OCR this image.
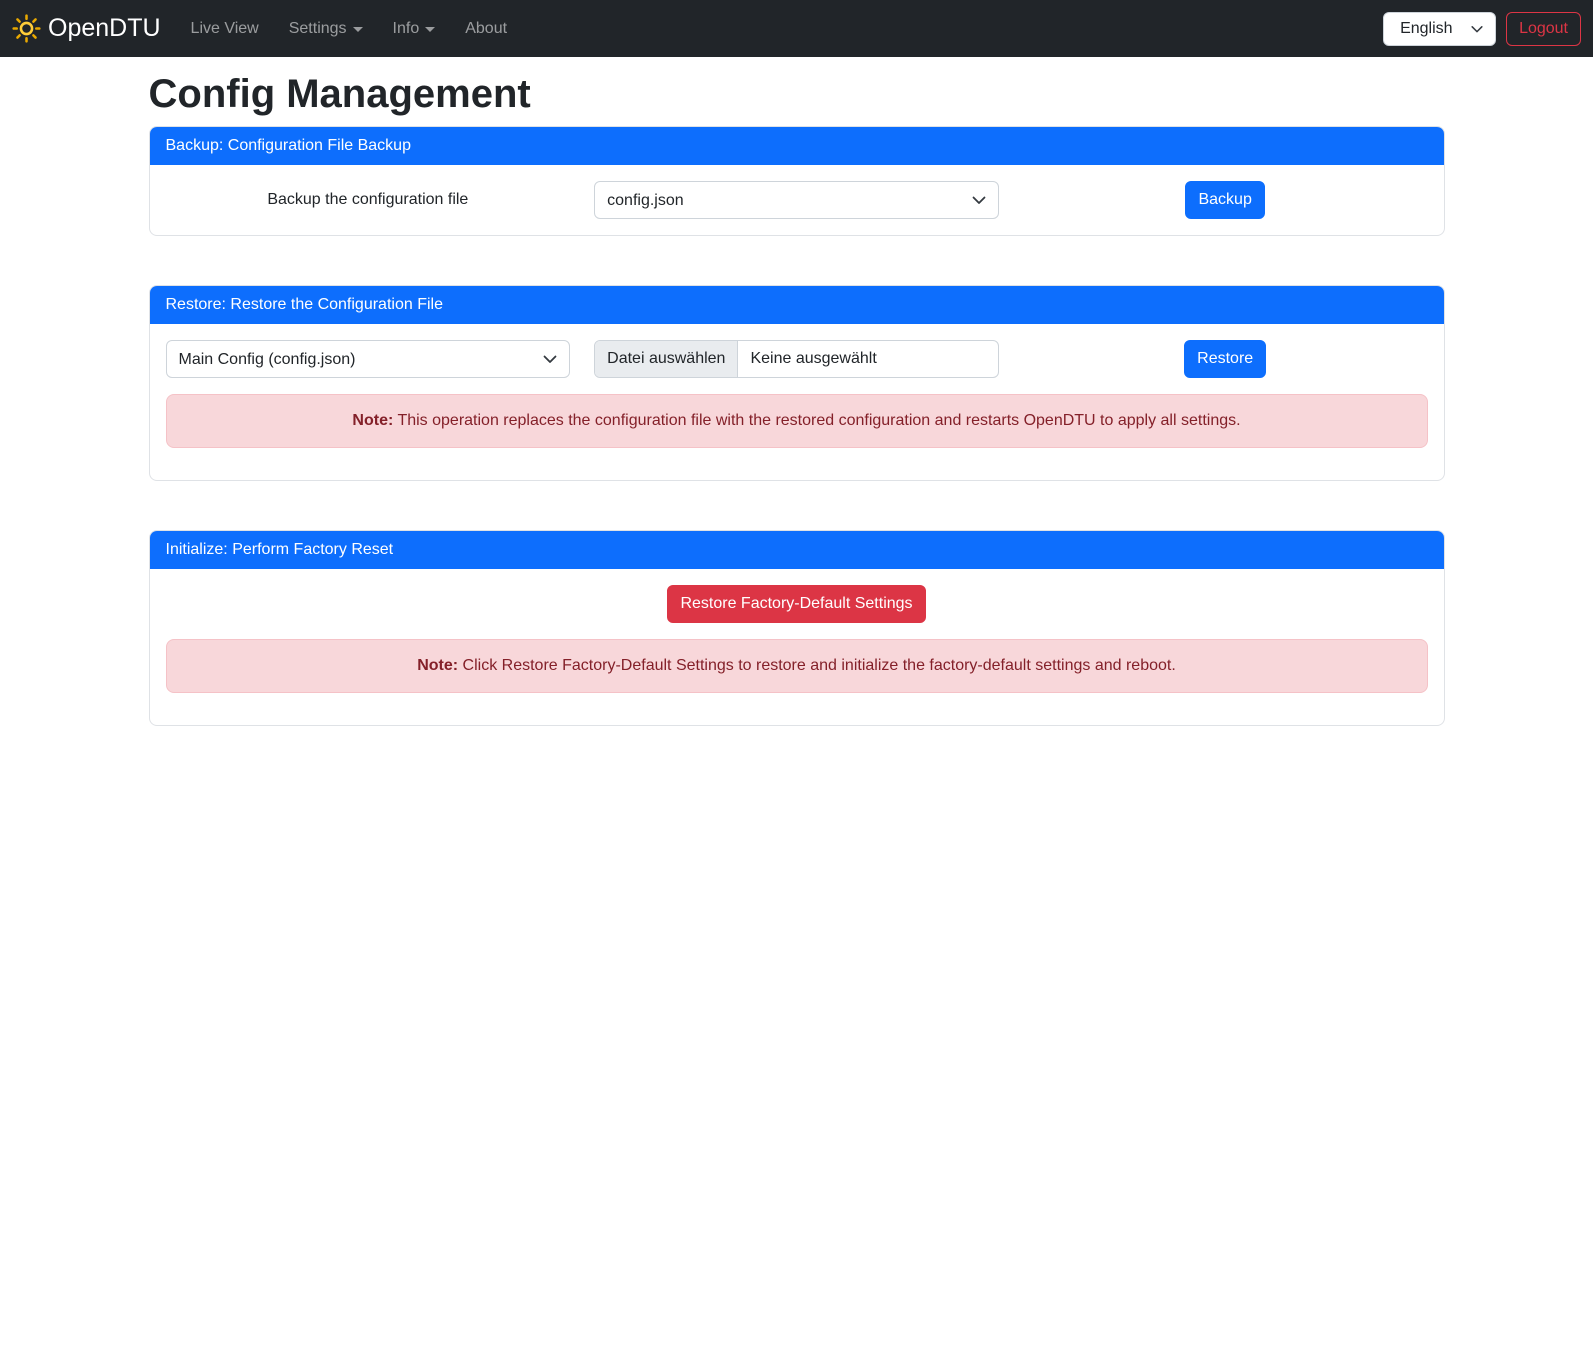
OpenDTU Live View Settings	Info	About
English	Logout
Config Management
Backup: Configuration File Backup
Backup the configuration file
config.json	Backup
Restore: Restore the Configuration File
Main Config (config.json)
Datei auswählen	Keine ausgewählt	Restore
Note: This operation replaces the configuration file with the restored configuration and restarts OpenDTU to apply all settings.
Initialize: Perform Factory Reset
Restore Factory-Default Settings
Note: Click Restore Factory-Default Settings to restore and initialize the factory-default settings and reboot.
